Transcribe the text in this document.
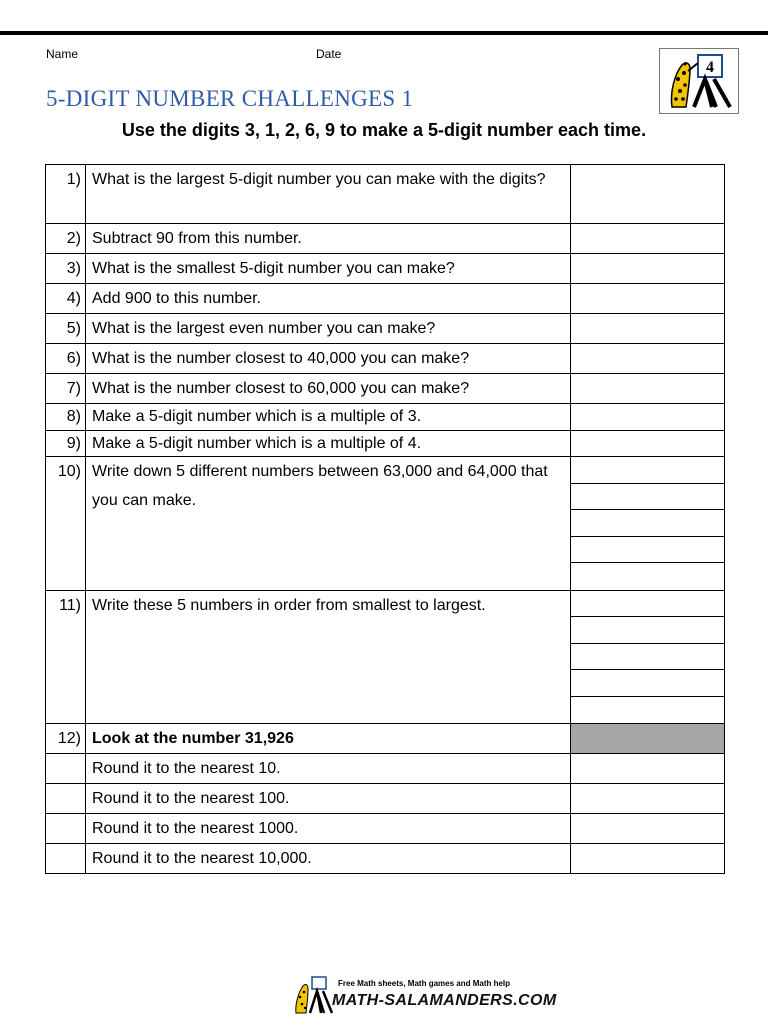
Name	Date
5-DIGIT NUMBER CHALLENGES 1
4

Use the digits 3, 1, 2, 6, 9 to make a 5-digit number each time.

1)	What is the largest 5-digit number you can make with the digits?	
2)	Subtract 90 from this number.	
3)	What is the smallest 5-digit number you can make?	
4)	Add 900 to this number.	
5)	What is the largest even number you can make?	
6)	What is the number closest to 40,000 you can make?	
7)	What is the number closest to 60,000 you can make?	
8)	Make a 5-digit number which is a multiple of 3.	
9)	Make a 5-digit number which is a multiple of 4.	
10)	Write down 5 different numbers between 63,000 and 64,000 that you can make.	

11)	Write these 5 numbers in order from smallest to largest.	

12)	Look at the number 31,926	
	Round it to the nearest 10.	
	Round it to the nearest 100.	
	Round it to the nearest 1000.	
	Round it to the nearest 10,000.	
Free Math sheets, Math games and Math help
MATH-SALAMANDERS.COM
